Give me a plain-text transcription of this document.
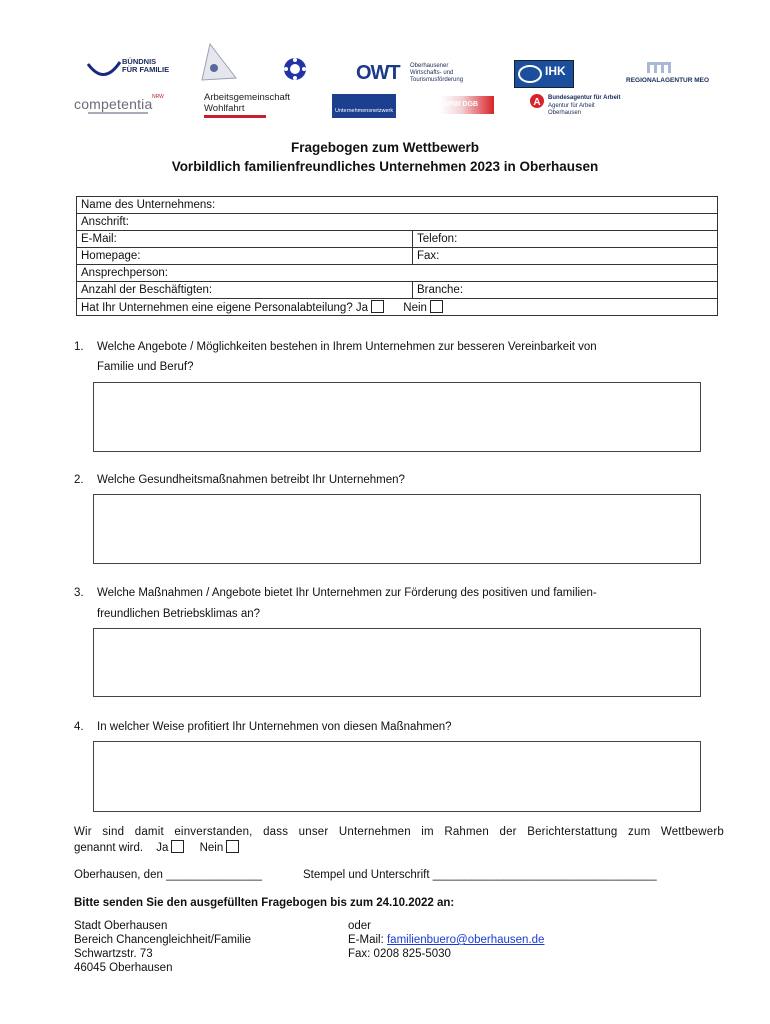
BÜNDNIS
FÜR FAMILIE	OWT Oberhausener
Wirtschafts- und
Tourismusförderung
IHK
REGIONALAGENTUR MEO
competentia NRW	Arbeitsgemeinschaft
Wohlfahrt	Unternehmensnetzwerk
NRW DGB	A Bundesagentur für Arbeit
Agentur für Arbeit
Oberhausen
Fragebogen zum Wettbewerb
Vorbildlich familienfreundliches Unternehmen 2023 in Oberhausen
Name des Unternehmens:	
Anschrift:	
E-Mail:	Telefon:
Homepage:	Fax:
Ansprechperson:	
Anzahl der Beschäftigten:	Branche:
Hat Ihr Unternehmen eine eigene Personalabteilung? Ja Nein	
1. Welche Angebote / Möglichkeiten bestehen in Ihrem Unternehmen zur besseren Vereinbarkeit von
Familie und Beruf?
2. Welche Gesundheitsmaßnahmen betreibt Ihr Unternehmen?
3. Welche Maßnahmen / Angebote bietet Ihr Unternehmen zur Förderung des positiven und familien-
freundlichen Betriebsklimas an?
4. In welcher Weise profitiert Ihr Unternehmen von diesen Maßnahmen?
Wir sind damit einverstanden, dass unser Unternehmen im Rahmen der Berichterstattung zum Wettbewerb
genannt wird. Ja	Nein
Oberhausen, den _______________	Stempel und Unterschrift ___________________________________
Bitte senden Sie den ausgefüllten Fragebogen bis zum 24.10.2022 an:
Stadt Oberhausen
Bereich Chancengleichheit/Familie
Schwartzstr. 73
46045 Oberhausen
oder
E-Mail: familienbuero@oberhausen.de
Fax: 0208 825-5030
